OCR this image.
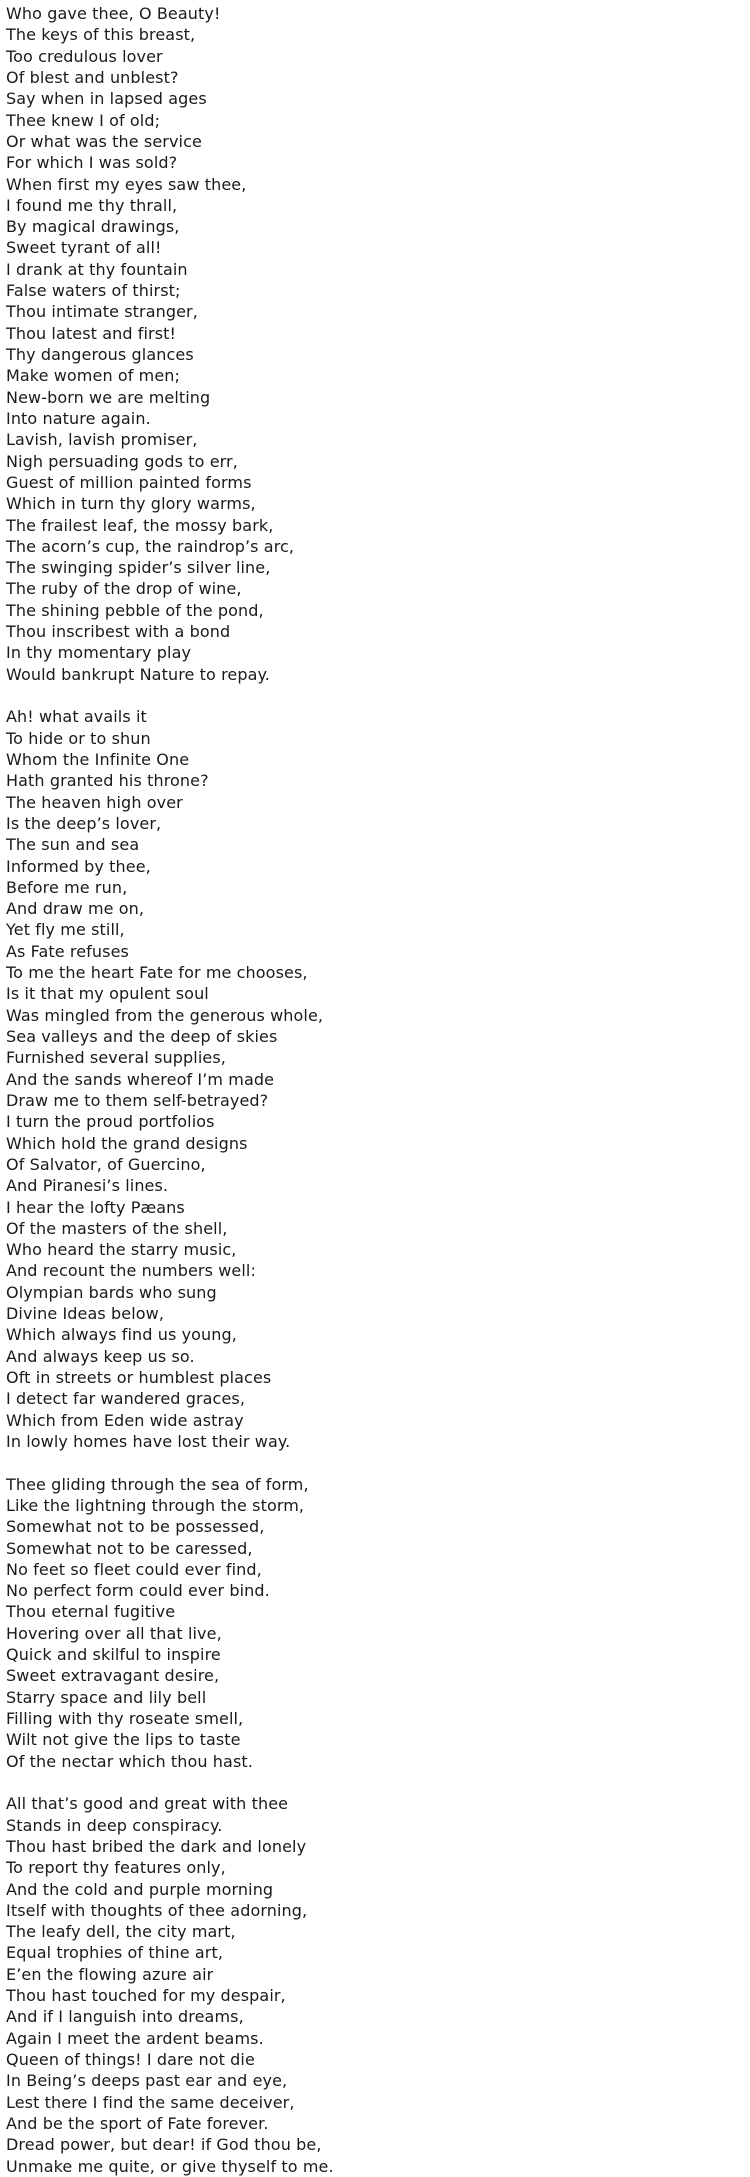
Who gave thee, O Beauty!
The keys of this breast,
Too credulous lover
Of blest and unblest?
Say when in lapsed ages
Thee knew I of old;
Or what was the service
For which I was sold?
When first my eyes saw thee,
I found me thy thrall,
By magical drawings,
Sweet tyrant of all!
I drank at thy fountain
False waters of thirst;
Thou intimate stranger,
Thou latest and first!
Thy dangerous glances
Make women of men;
New-born we are melting
Into nature again.
Lavish, lavish promiser,
Nigh persuading gods to err,
Guest of million painted forms
Which in turn thy glory warms,
The frailest leaf, the mossy bark,
The acorn’s cup, the raindrop’s arc,
The swinging spider’s silver line,
The ruby of the drop of wine,
The shining pebble of the pond,
Thou inscribest with a bond
In thy momentary play
Would bankrupt Nature to repay.
Ah! what avails it
To hide or to shun
Whom the Infinite One
Hath granted his throne?
The heaven high over
Is the deep’s lover,
The sun and sea
Informed by thee,
Before me run,
And draw me on,
Yet fly me still,
As Fate refuses
To me the heart Fate for me chooses,
Is it that my opulent soul
Was mingled from the generous whole,
Sea valleys and the deep of skies
Furnished several supplies,
And the sands whereof I’m made
Draw me to them self-betrayed?
I turn the proud portfolios
Which hold the grand designs
Of Salvator, of Guercino,
And Piranesi’s lines.
I hear the lofty Pæans
Of the masters of the shell,
Who heard the starry music,
And recount the numbers well:
Olympian bards who sung
Divine Ideas below,
Which always find us young,
And always keep us so.
Oft in streets or humblest places
I detect far wandered graces,
Which from Eden wide astray
In lowly homes have lost their way.
Thee gliding through the sea of form,
Like the lightning through the storm,
Somewhat not to be possessed,
Somewhat not to be caressed,
No feet so fleet could ever find,
No perfect form could ever bind.
Thou eternal fugitive
Hovering over all that live,
Quick and skilful to inspire
Sweet extravagant desire,
Starry space and lily bell
Filling with thy roseate smell,
Wilt not give the lips to taste
Of the nectar which thou hast.
All that’s good and great with thee
Stands in deep conspiracy.
Thou hast bribed the dark and lonely
To report thy features only,
And the cold and purple morning
Itself with thoughts of thee adorning,
The leafy dell, the city mart,
Equal trophies of thine art,
E’en the flowing azure air
Thou hast touched for my despair,
And if I languish into dreams,
Again I meet the ardent beams.
Queen of things! I dare not die
In Being’s deeps past ear and eye,
Lest there I find the same deceiver,
And be the sport of Fate forever.
Dread power, but dear! if God thou be,
Unmake me quite, or give thyself to me.
